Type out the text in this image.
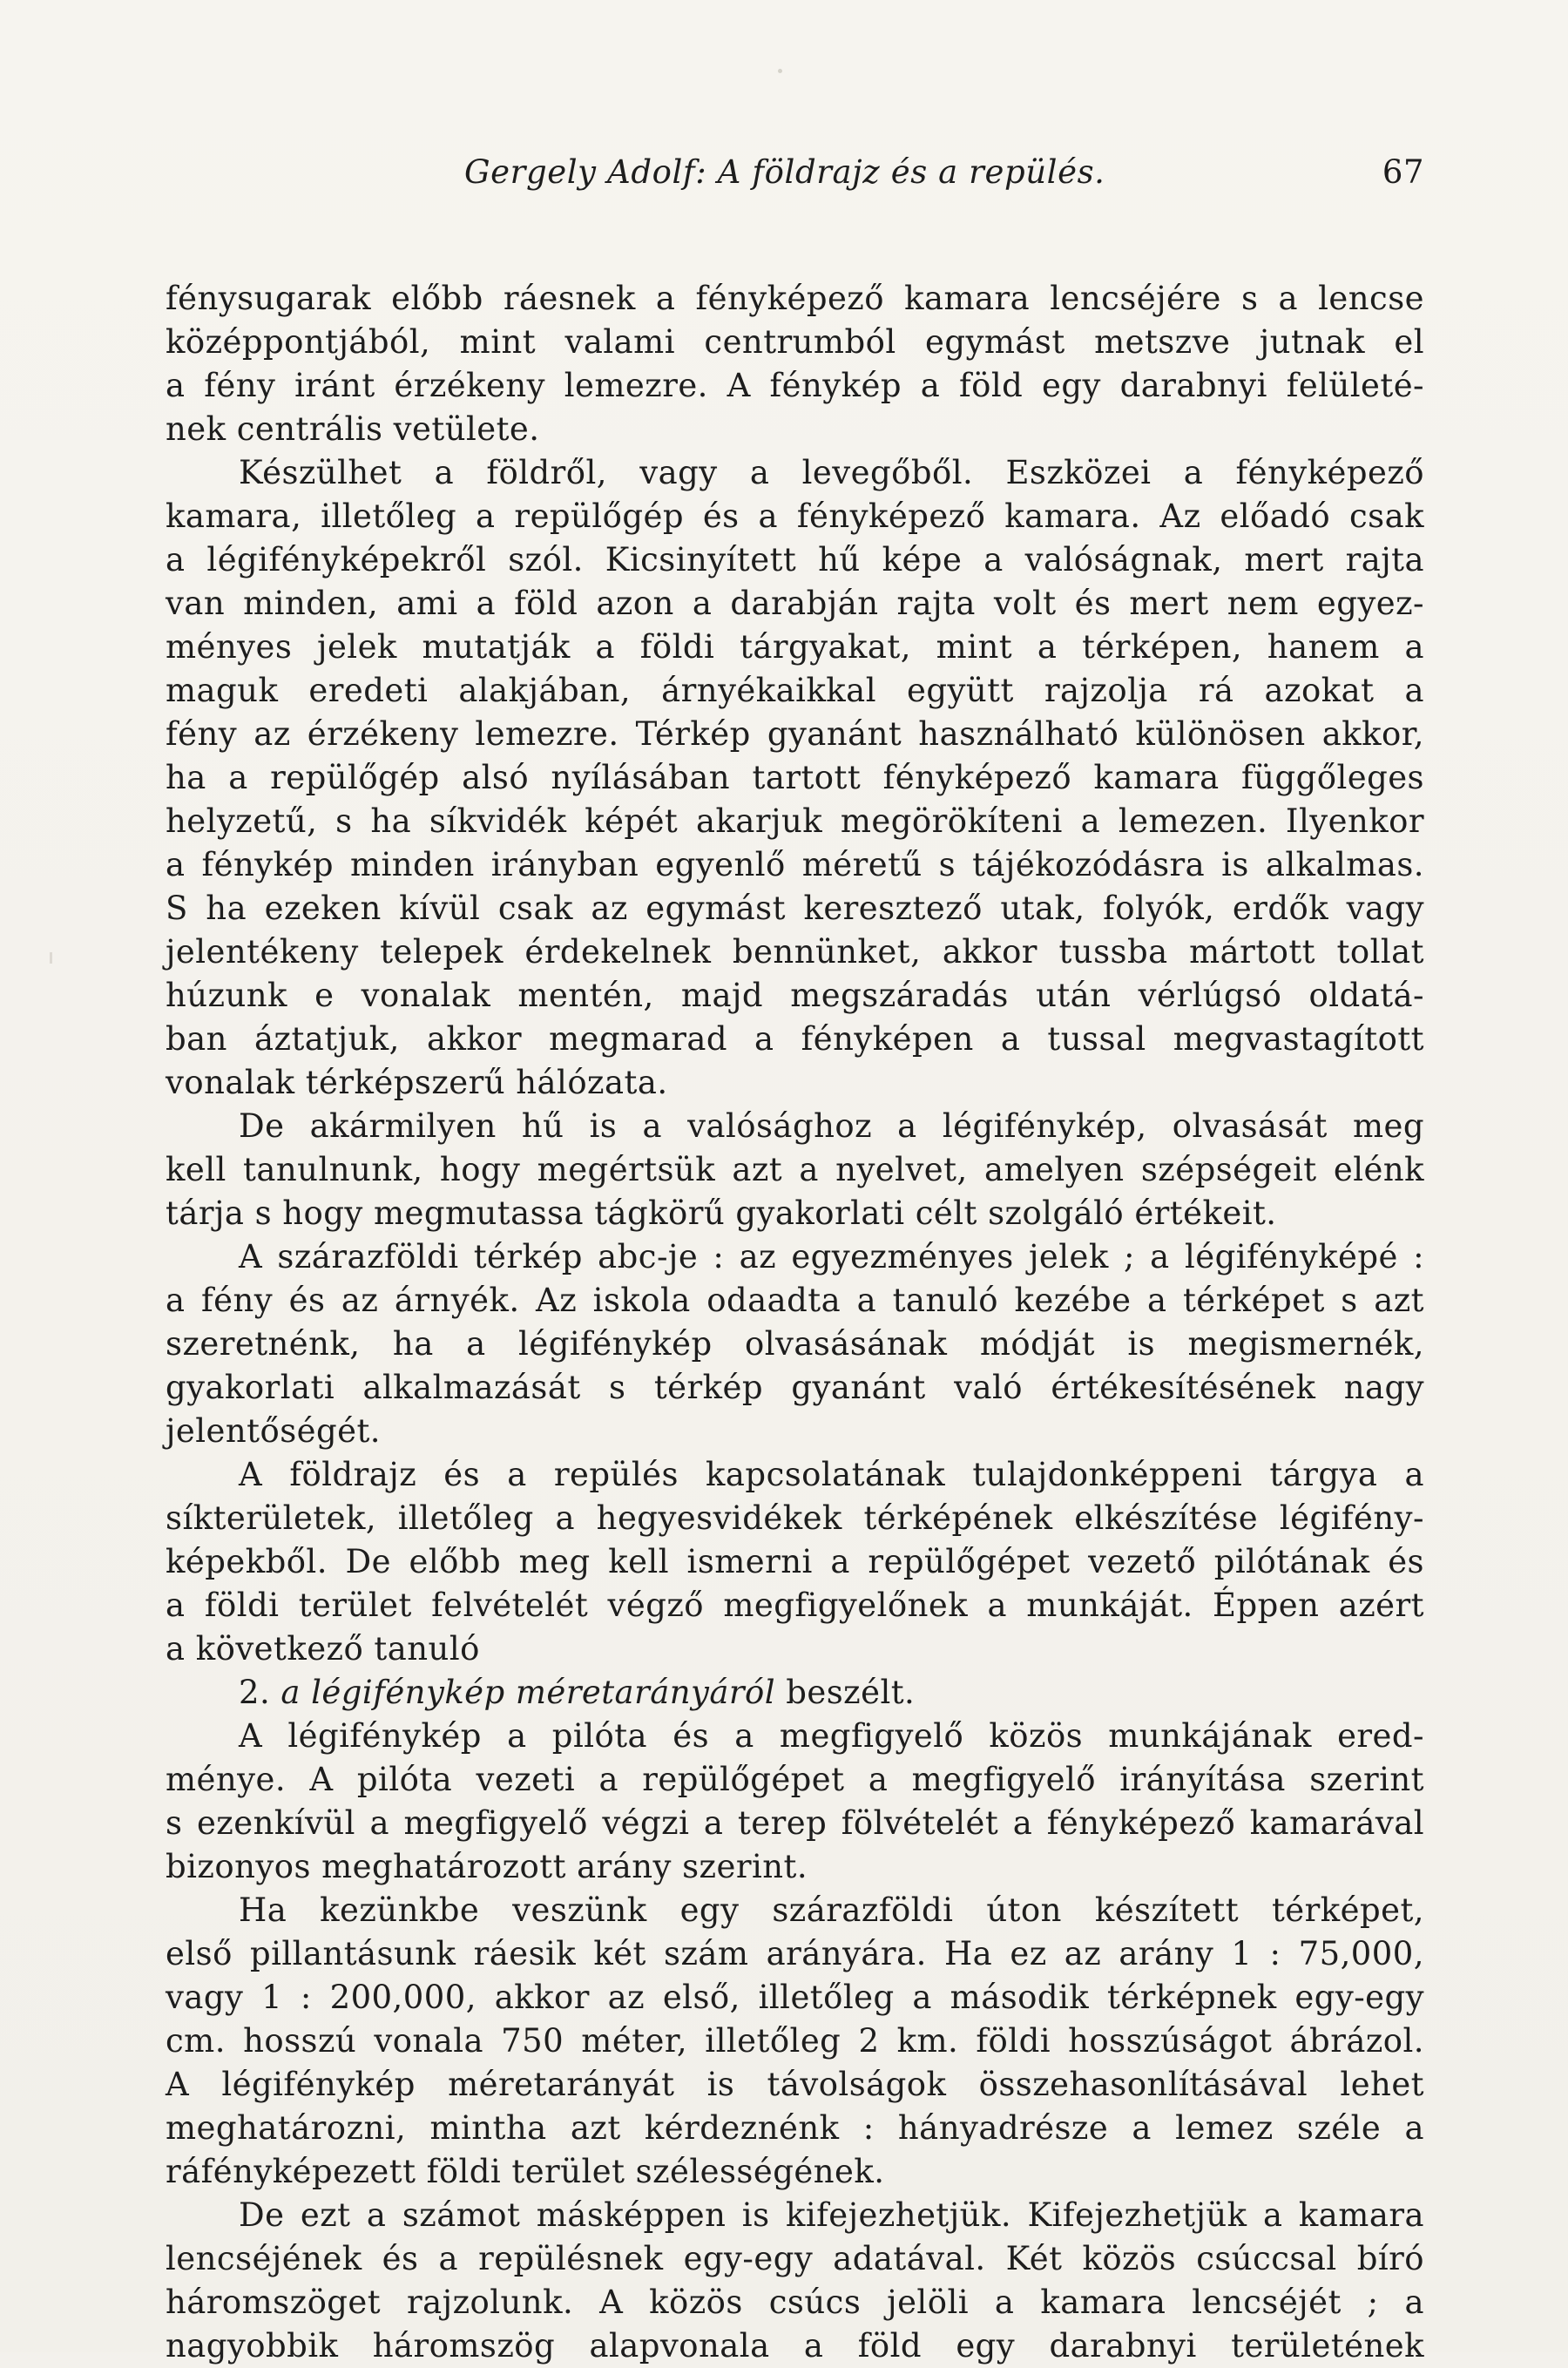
Gergely Adolf: A földrajz és a repülés.	67
fénysugarak előbb ráesnek a fényképező kamara lencséjére s a lencse
középpontjából, mint valami centrumból egymást metszve jutnak el
a fény iránt érzékeny lemezre. A fénykép a föld egy darabnyi felületé-
nek centrális vetülete.
Készülhet a földről, vagy a levegőből. Eszközei a fényképező
kamara, illetőleg a repülőgép és a fényképező kamara. Az előadó csak
a légifényképekről szól. Kicsinyített hű képe a valóságnak, mert rajta
van minden, ami a föld azon a darabján rajta volt és mert nem egyez-
ményes jelek mutatják a földi tárgyakat, mint a térképen, hanem a
maguk eredeti alakjában, árnyékaikkal együtt rajzolja rá azokat a
fény az érzékeny lemezre. Térkép gyanánt használható különösen akkor,
ha a repülőgép alsó nyílásában tartott fényképező kamara függőleges
helyzetű, s ha síkvidék képét akarjuk megörökíteni a lemezen. Ilyenkor
a fénykép minden irányban egyenlő méretű s tájékozódásra is alkalmas.
S ha ezeken kívül csak az egymást keresztező utak, folyók, erdők vagy
jelentékeny telepek érdekelnek bennünket, akkor tussba mártott tollat
húzunk e vonalak mentén, majd megszáradás után vérlúgsó oldatá-
ban áztatjuk, akkor megmarad a fényképen a tussal megvastagított
vonalak térképszerű hálózata.
De akármilyen hű is a valósághoz a légifénykép, olvasását meg
kell tanulnunk, hogy megértsük azt a nyelvet, amelyen szépségeit elénk
tárja s hogy megmutassa tágkörű gyakorlati célt szolgáló értékeit.
A szárazföldi térkép abc-je : az egyezményes jelek ; a légifényképé :
a fény és az árnyék. Az iskola odaadta a tanuló kezébe a térképet s azt
szeretnénk, ha a légifénykép olvasásának módját is megismernék,
gyakorlati alkalmazását s térkép gyanánt való értékesítésének nagy
jelentőségét.
A földrajz és a repülés kapcsolatának tulajdonképpeni tárgya a
síkterületek, illetőleg a hegyesvidékek térképének elkészítése légifény-
képekből. De előbb meg kell ismerni a repülőgépet vezető pilótának és
a földi terület felvételét végző megfigyelőnek a munkáját. Éppen azért
a következő tanuló
2. a légifénykép méretarányáról beszélt.
A légifénykép a pilóta és a megfigyelő közös munkájának ered-
ménye. A pilóta vezeti a repülőgépet a megfigyelő irányítása szerint
s ezenkívül a megfigyelő végzi a terep fölvételét a fényképező kamarával
bizonyos meghatározott arány szerint.
Ha kezünkbe veszünk egy szárazföldi úton készített térképet,
első pillantásunk ráesik két szám arányára. Ha ez az arány 1 : 75,000,
vagy 1 : 200,000, akkor az első, illetőleg a második térképnek egy-egy
cm. hosszú vonala 750 méter, illetőleg 2 km. földi hosszúságot ábrázol.
A légifénykép méretarányát is távolságok összehasonlításával lehet
meghatározni, mintha azt kérdeznénk : hányadrésze a lemez széle a
ráfényképezett földi terület szélességének.
De ezt a számot másképpen is kifejezhetjük. Kifejezhetjük a kamara
lencséjének és a repülésnek egy-egy adatával. Két közös csúccsal bíró
háromszöget rajzolunk. A közös csúcs jelöli a kamara lencséjét ; a
nagyobbik háromszög alapvonala a föld egy darabnyi területének
